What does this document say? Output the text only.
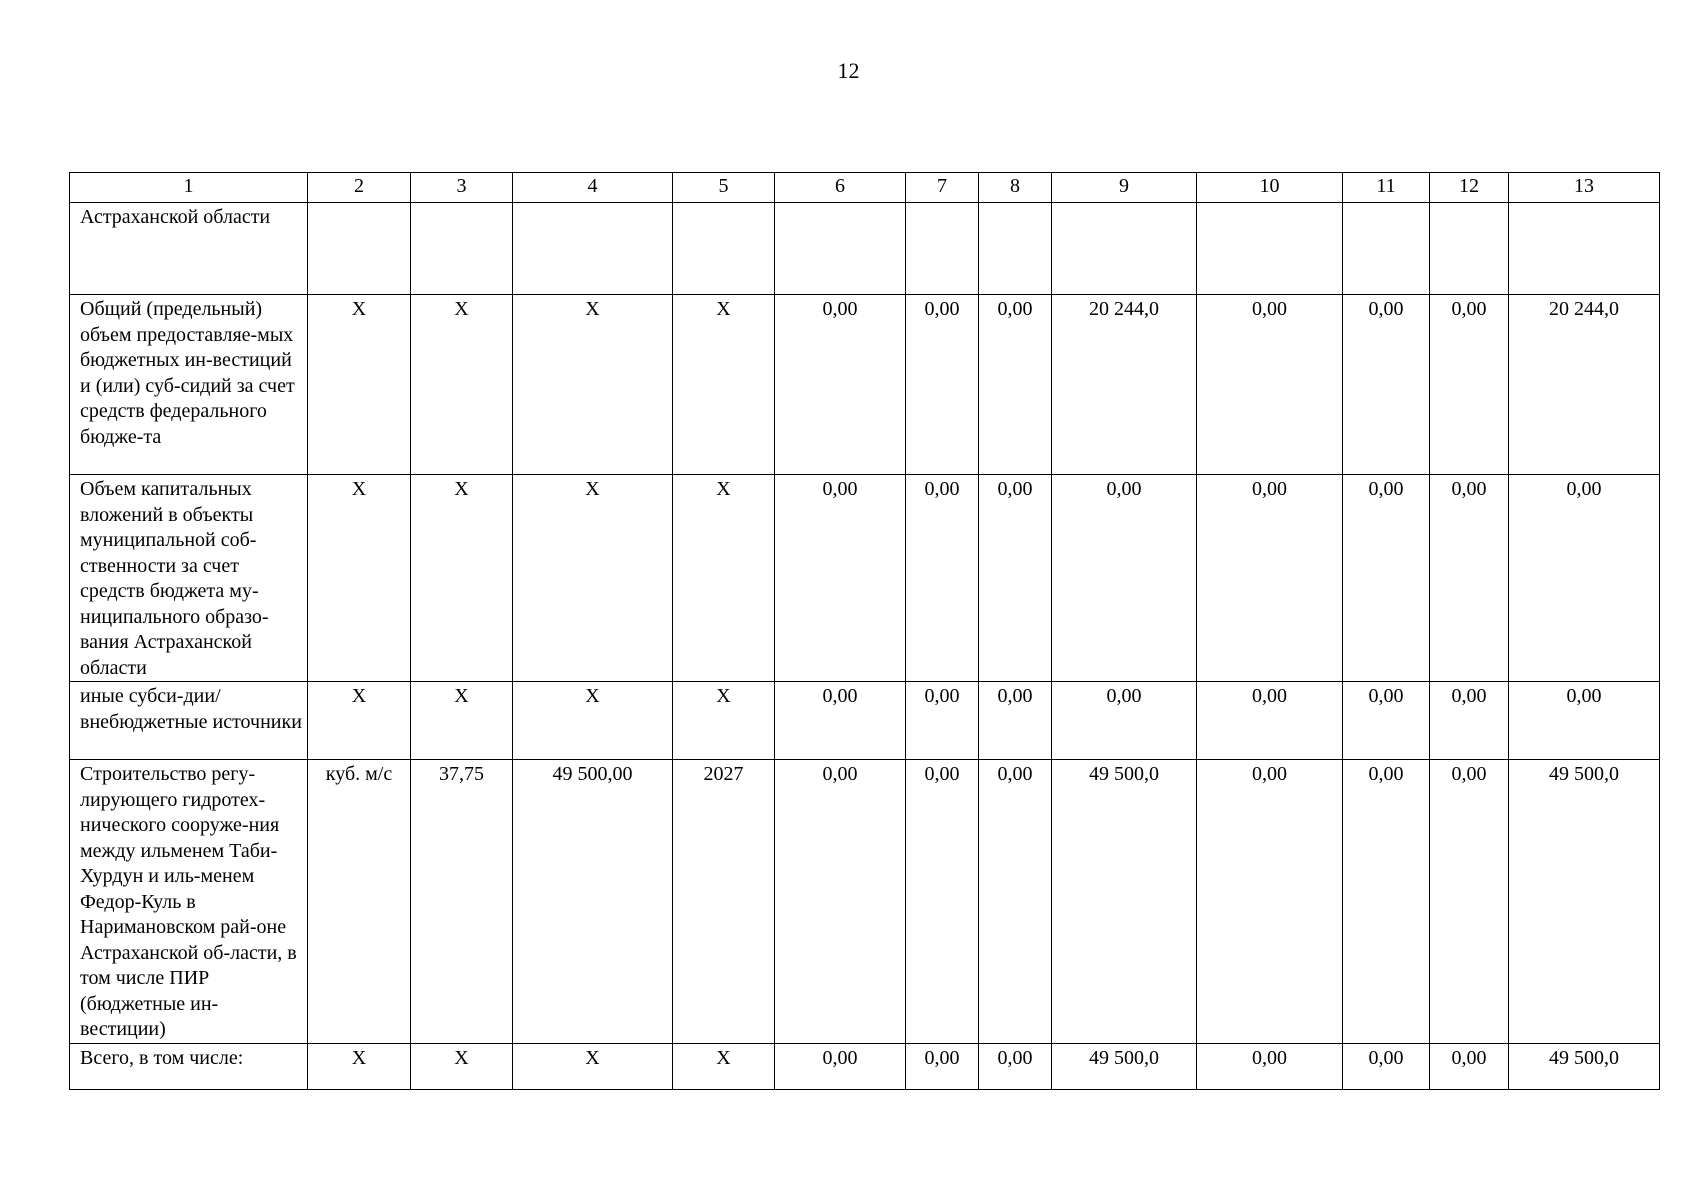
12
1	2	3	4	5	6	7	8	9	10	11	12	13
Астраханской области												
Общий (предельный) объем предоставляе-мых бюджетных ин-вестиций и (или) суб-сидий за счет средств федерального бюдже-та	X	X	X	X	0,00	0,00	0,00	20 244,0	0,00	0,00	0,00	20 244,0
Объем капитальных вложений в объекты муниципальной соб-ственности за счет средств бюджета му-ниципального образо-вания Астраханской области	X	X	X	X	0,00	0,00	0,00	0,00	0,00	0,00	0,00	0,00
иные субси-дии/внебюджетные источники	X	X	X	X	0,00	0,00	0,00	0,00	0,00	0,00	0,00	0,00
Строительство регу-лирующего гидротех-нического сооруже-ния между ильменем Таби-Хурдун и иль-менем Федор-Куль в Наримановском рай-оне Астраханской об-ласти, в том числе ПИР (бюджетные ин-вестиции)	куб. м/с	37,75	49 500,00	2027	0,00	0,00	0,00	49 500,0	0,00	0,00	0,00	49 500,0
Всего, в том числе:	X	X	X	X	0,00	0,00	0,00	49 500,0	0,00	0,00	0,00	49 500,0
